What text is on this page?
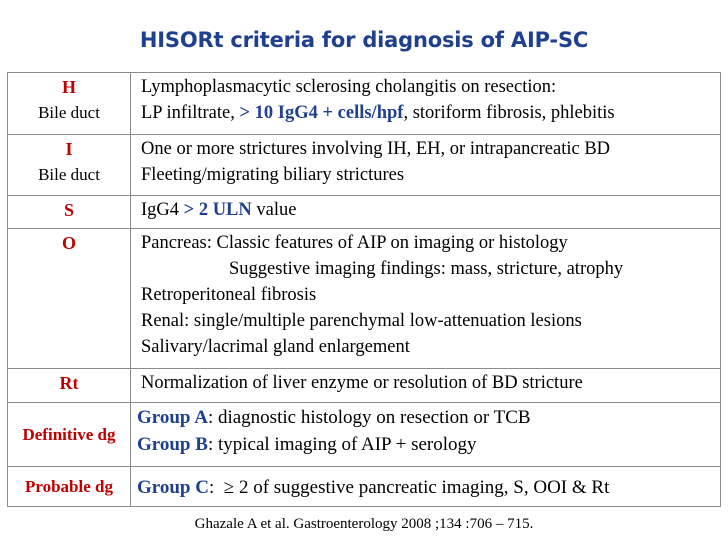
HISORt criteria for diagnosis of AIP-SC
H
Bile duct	Lymphoplasmacytic sclerosing cholangitis on resection:
LP infiltrate, > 10 IgG4 + cells/hpf, storiform fibrosis, phlebitis

I
Bile duct	One or more strictures involving IH, EH, or intrapancreatic BD
Fleeting/migrating biliary strictures

S	IgG4 > 2 ULN value

O	Pancreas: Classic features of AIP on imaging or histology
Suggestive imaging findings: mass, stricture, atrophy
Retroperitoneal fibrosis
Renal: single/multiple parenchymal low-attenuation lesions
Salivary/lacrimal gland enlargement

Rt	Normalization of liver enzyme or resolution of BD stricture

Definitive dg	Group A: diagnostic histology on resection or TCB
Group B: typical imaging of AIP + serology

Probable dg	Group C:  ≥ 2 of suggestive pancreatic imaging, S, OOI & Rt
Ghazale A et al. Gastroenterology 2008 ;134 :706 – 715.
